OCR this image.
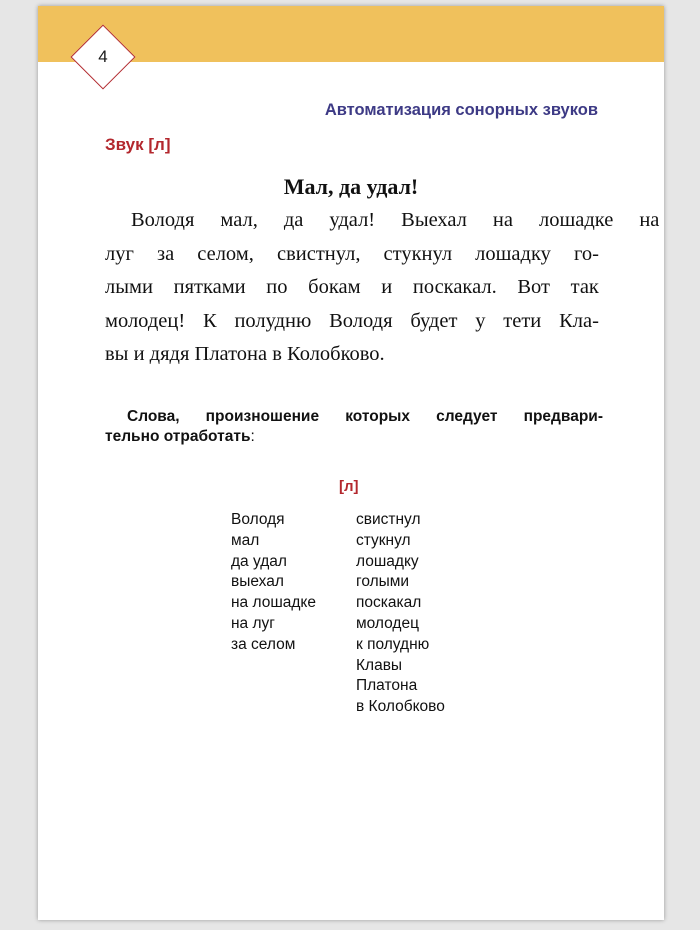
4
Автоматизация сонорных звуков
Звук [л]
Мал, да удал!
Володя	мал,	да	удал!	Выехал	на	лошадке	на
луг за селом, свистнул, стукнул лошадку го-
лыми пятками по бокам и поскакал. Вот так
молодец! К полудню Володя будет у тети Кла-
вы и дядя Платона в Колобково.
Слова, произношение которых следует предвари-
тельно отработать:
[л]
Володя
мал
да удал
выехал
на лошадке
на луг
за селом
свистнул
стукнул
лошадку
голыми
поскакал
молодец
к полудню
Клавы
Платона
в Колобково
